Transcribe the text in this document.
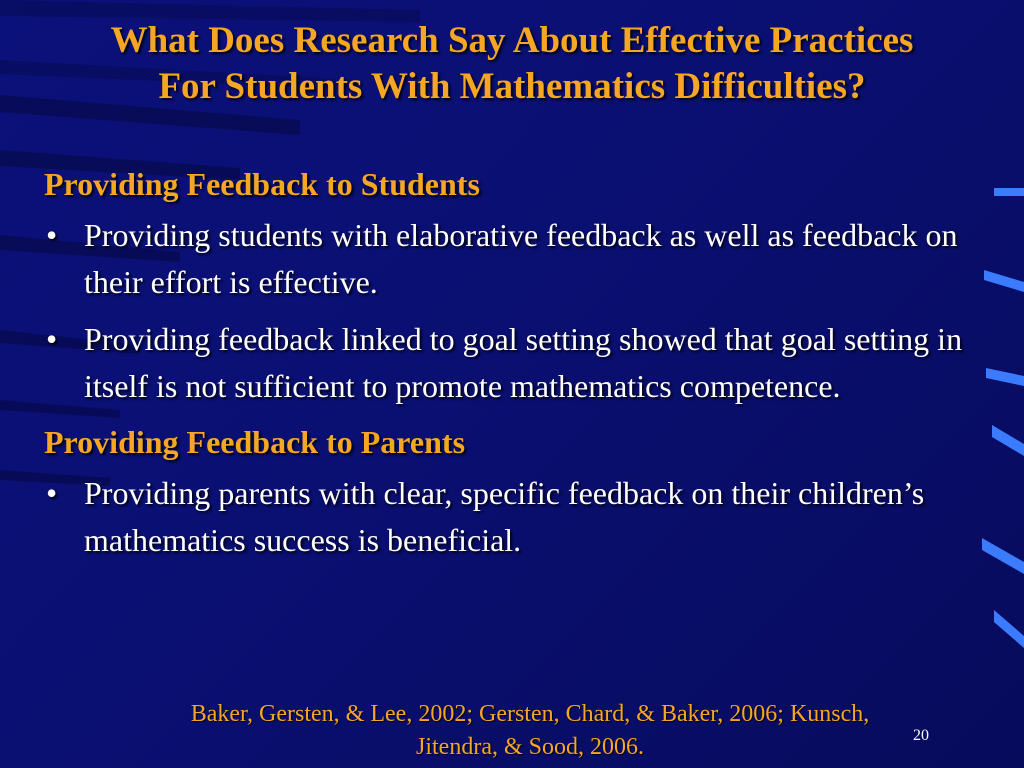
What Does Research Say About Effective Practices
For Students With Mathematics Difficulties?

Providing Feedback to Students

• Providing students with elaborative feedback as well as feedback on their effort is effective.
• Providing feedback linked to goal setting showed that goal setting in itself is not sufficient to promote mathematics competence.

Providing Feedback to Parents

• Providing parents with clear, specific feedback on their children’s mathematics success is beneficial.
Baker, Gersten, & Lee, 2002; Gersten, Chard, & Baker, 2006; Kunsch,
Jitendra, & Sood, 2006.	20
